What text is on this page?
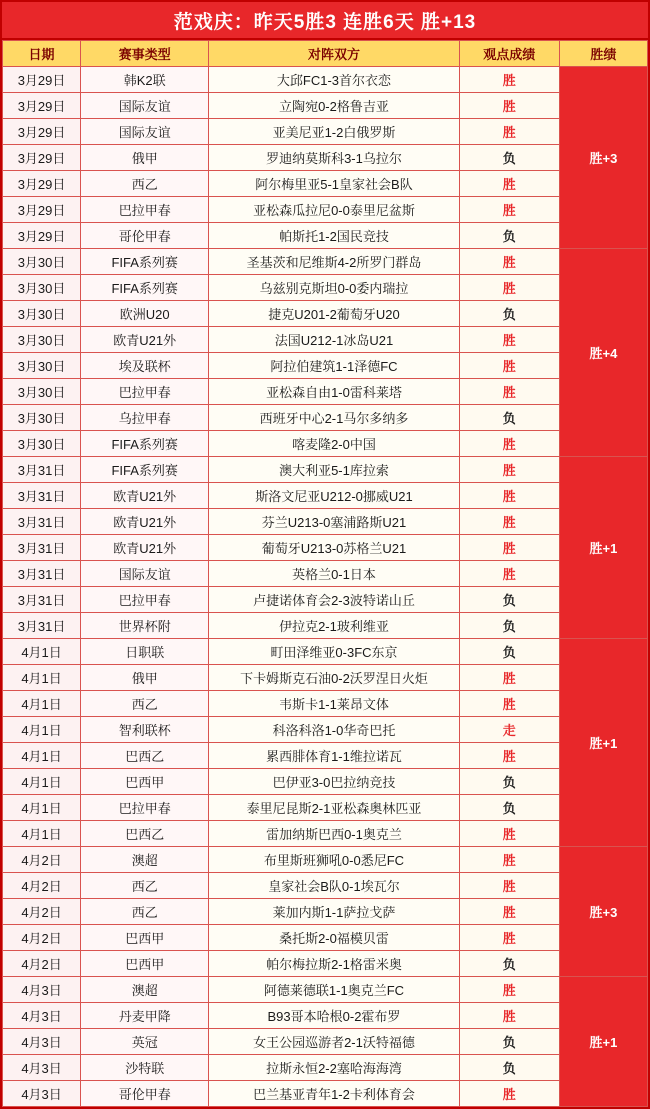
范戏庆：昨天5胜3 连胜6天 胜+13
日期	赛事类型	对阵双方	观点成绩	胜绩
3月29日	韩K2联	大邱FC1-3首尔衣恋	胜	胜+3
3月29日	国际友谊	立陶宛0-2格鲁吉亚	胜	
3月29日	国际友谊	亚美尼亚1-2白俄罗斯	胜	
3月29日	俄甲	罗迪纳莫斯科3-1乌拉尔	负	
3月29日	西乙	阿尔梅里亚5-1皇家社会B队	胜	
3月29日	巴拉甲春	亚松森瓜拉尼0-0泰里尼盆斯	胜	
3月29日	哥伦甲春	帕斯托1-2国民竞技	负	
3月30日	FIFA系列赛	圣基茨和尼维斯4-2所罗门群岛	胜	胜+4
3月30日	FIFA系列赛	乌兹别克斯坦0-0委内瑞拉	胜	
3月30日	欧洲U20	捷克U201-2葡萄牙U20	负	
3月30日	欧青U21外	法国U212-1冰岛U21	胜	
3月30日	埃及联杯	阿拉伯建筑1-1泽德FC	胜	
3月30日	巴拉甲春	亚松森自由1-0雷科莱塔	胜	
3月30日	乌拉甲春	西班牙中心2-1马尔多纳多	负	
3月30日	FIFA系列赛	喀麦隆2-0中国	胜	
3月31日	FIFA系列赛	澳大利亚5-1库拉索	胜	胜+1
3月31日	欧青U21外	斯洛文尼亚U212-0挪威U21	胜	
3月31日	欧青U21外	芬兰U213-0塞浦路斯U21	胜	
3月31日	欧青U21外	葡萄牙U213-0苏格兰U21	胜	
3月31日	国际友谊	英格兰0-1日本	胜	
3月31日	巴拉甲春	卢捷诺体育会2-3波特诺山丘	负	
3月31日	世界杯附	伊拉克2-1玻利维亚	负	
4月1日	日职联	町田泽维亚0-3FC东京	负	胜+1
4月1日	俄甲	下卡姆斯克石油0-2沃罗涅日火炬	胜	
4月1日	西乙	韦斯卡1-1莱昂文体	胜	
4月1日	智利联杯	科洛科洛1-0华奇巴托	走	
4月1日	巴西乙	累西腓体育1-1维拉诺瓦	胜	
4月1日	巴西甲	巴伊亚3-0巴拉纳竞技	负	
4月1日	巴拉甲春	泰里尼昆斯2-1亚松森奥林匹亚	负	
4月1日	巴西乙	雷加纳斯巴西0-1奥克兰	胜	
4月2日	澳超	布里斯班狮吼0-0悉尼FC	胜	胜+3
4月2日	西乙	皇家社会B队0-1埃瓦尔	胜	
4月2日	西乙	莱加内斯1-1萨拉戈萨	胜	
4月2日	巴西甲	桑托斯2-0福模贝雷	胜	
4月2日	巴西甲	帕尔梅拉斯2-1格雷米奥	负	
4月3日	澳超	阿德莱德联1-1奥克兰FC	胜	胜+1
4月3日	丹麦甲降	B93哥本哈根0-2霍布罗	胜	
4月3日	英冠	女王公园巡游者2-1沃特福德	负	
4月3日	沙特联	拉斯永恒2-2塞哈海海湾	负	
4月3日	哥伦甲春	巴兰基亚青年1-2卡利体育会	胜	
